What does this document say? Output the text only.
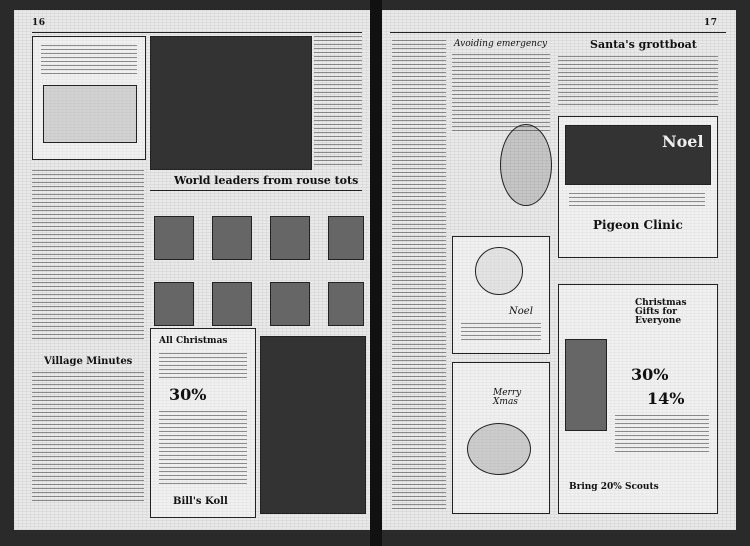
16
World leaders from rouse tots
Village Minutes
All Christmas
30%
Bill's Koll
17
Avoiding emergency	Santa's grottboat
Noel
Pigeon Clinic
Noel
Merry Xmas
Christmas Gifts for Everyone
30%
14%
Bring 20% Scouts
